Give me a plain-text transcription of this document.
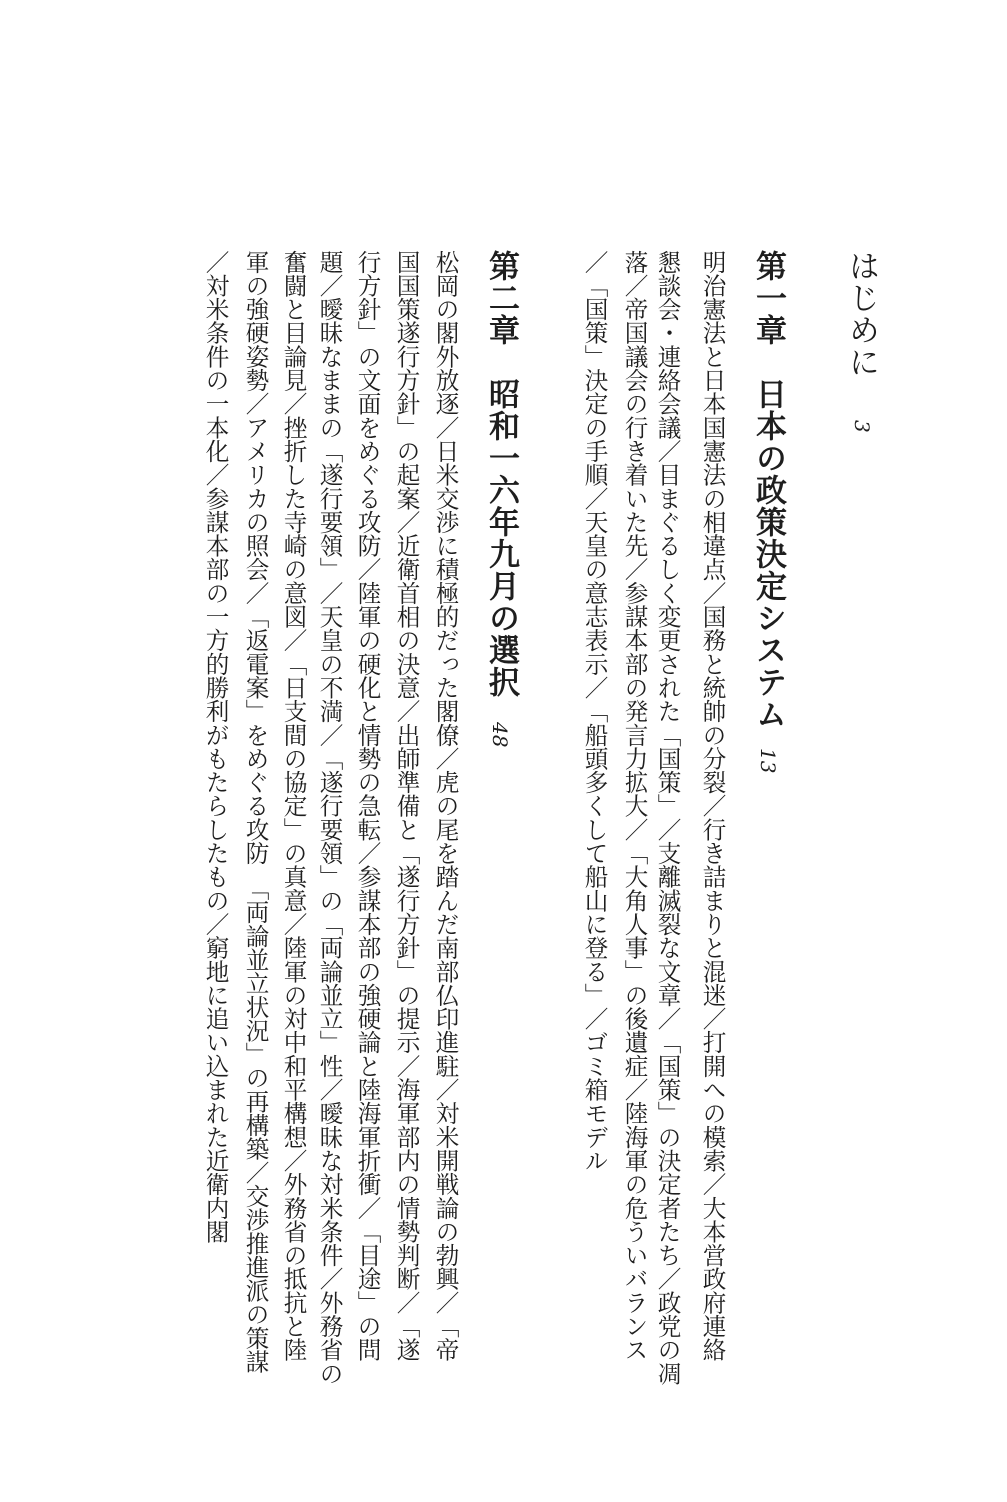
はじめに
3
第一章　日本の政策決定システム
13
明治憲法と日本国憲法の相違点／国務と統帥の分裂／行き詰まりと混迷／打開への模索／大本営政府連絡
懇談会・連絡会議／目まぐるしく変更された「国策」／支離滅裂な文章／「国策」の決定者たち／政党の凋
落／帝国議会の行き着いた先／参謀本部の発言力拡大／「大角人事」の後遺症／陸海軍の危ういバランス
／「国策」決定の手順／天皇の意志表示／「船頭多くして船山に登る」／ゴミ箱モデル
第二章　昭和一六年九月の選択
48
松岡の閣外放逐／日米交渉に積極的だった閣僚／虎の尾を踏んだ南部仏印進駐／対米開戦論の勃興／「帝
国国策遂行方針」の起案／近衛首相の決意／出師準備と「遂行方針」の提示／海軍部内の情勢判断／「遂
行方針」の文面をめぐる攻防／陸軍の硬化と情勢の急転／参謀本部の強硬論と陸海軍折衝／「目途」の問
題／曖昧なままの「遂行要領」／天皇の不満／「遂行要領」の「両論並立」性／曖昧な対米条件／外務省の
奮闘と目論見／挫折した寺崎の意図／「日支間の協定」の真意／陸軍の対中和平構想／外務省の抵抗と陸
軍の強硬姿勢／アメリカの照会／「返電案」をめぐる攻防　「両論並立状況」の再構築／交渉推進派の策謀
／対米条件の一本化／参謀本部の一方的勝利がもたらしたもの／窮地に追い込まれた近衛内閣
